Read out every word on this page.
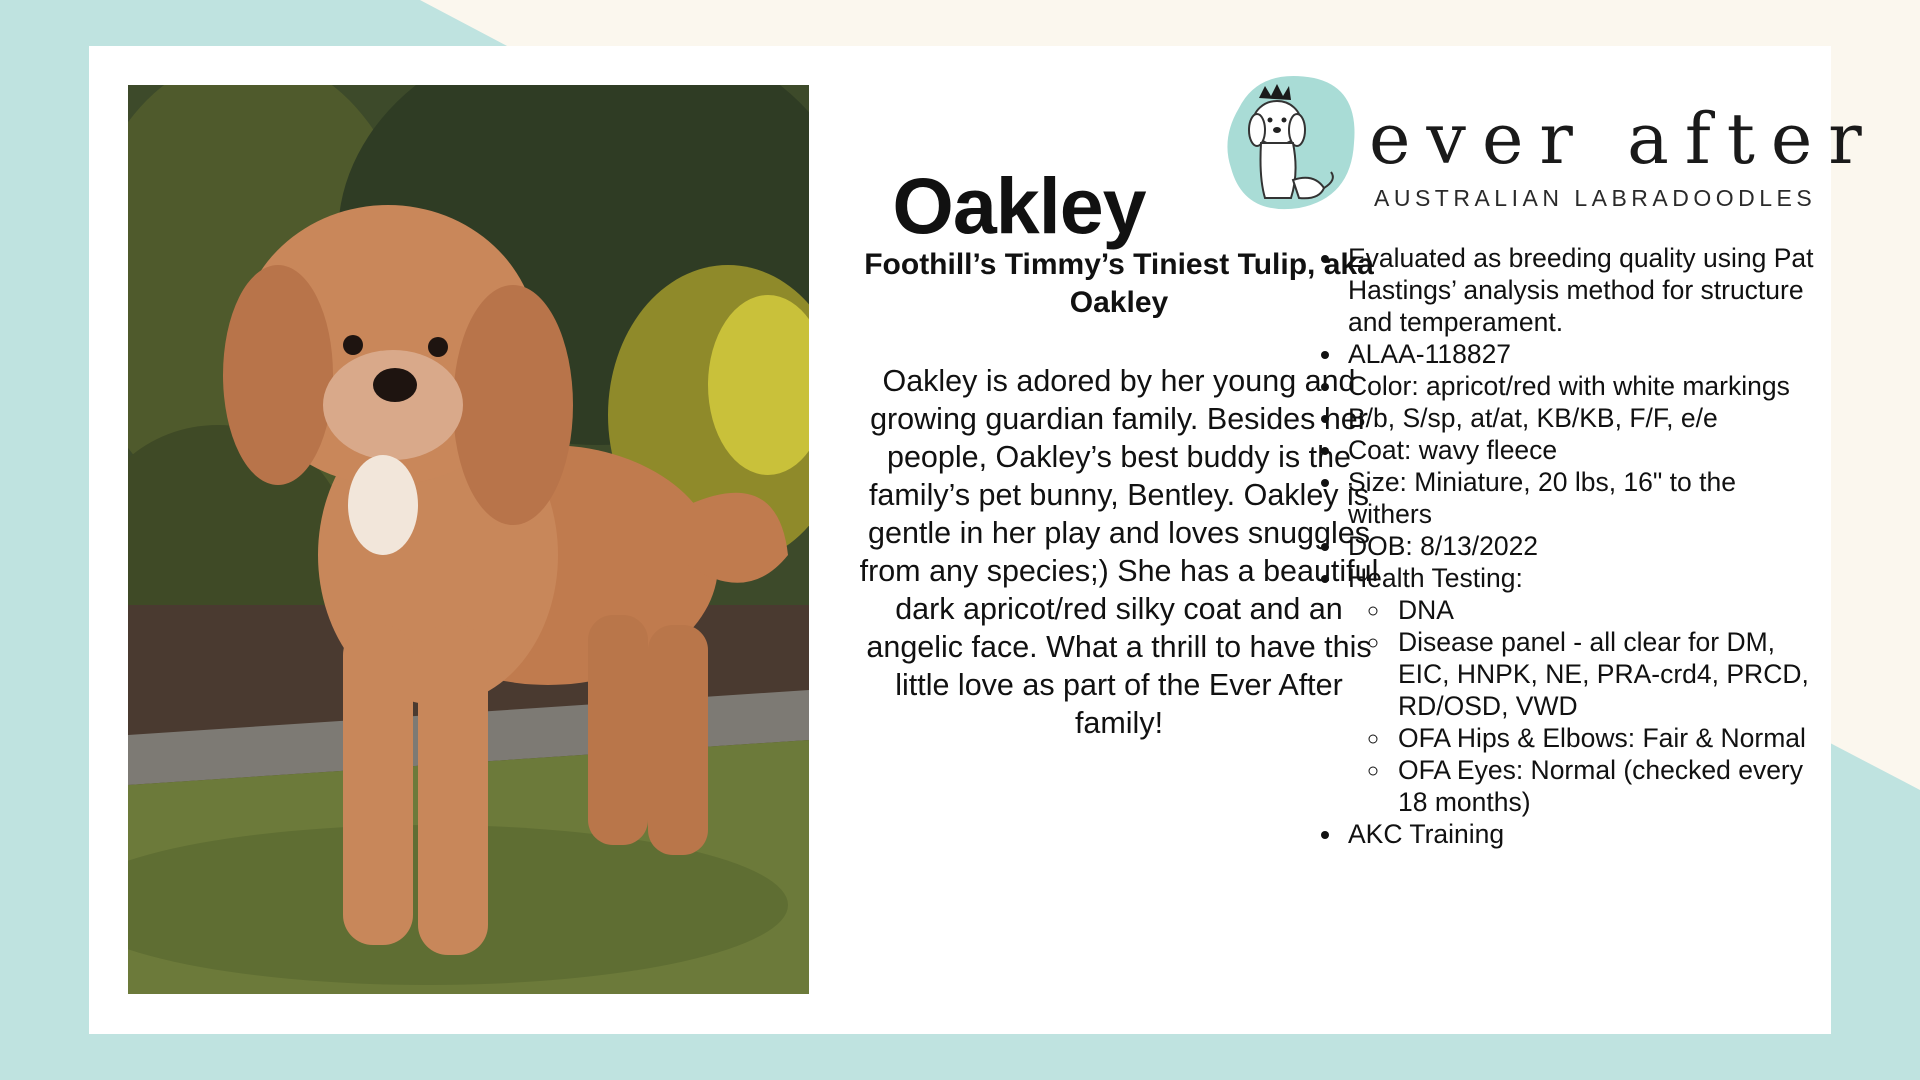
Oakley
ever after
AUSTRALIAN LABRADOODLES
Foothill’s Timmy’s Tiniest Tulip, aka Oakley
Oakley is adored by her young and growing guardian family. Besides her people, Oakley’s best buddy is the family’s pet bunny, Bentley. Oakley is gentle in her play and loves snuggles from any species;) She has a beautiful dark apricot/red silky coat and an angelic face. What a thrill to have this little love as part of the Ever After family!
• Evaluated as breeding quality using Pat Hastings’ analysis method for structure and temperament.
• ALAA-118827
• Color: apricot/red with white markings
• B/b, S/sp, at/at, KB/KB, F/F, e/e
• Coat: wavy fleece
• Size: Miniature, 20 lbs, 16" to the withers
• DOB: 8/13/2022
• Health Testing:
◦ DNA
◦ Disease panel - all clear for DM, EIC, HNPK, NE, PRA-crd4, PRCD, RD/OSD, VWD
◦ OFA Hips & Elbows: Fair & Normal
◦ OFA Eyes: Normal (checked every 18 months)
• AKC Training
